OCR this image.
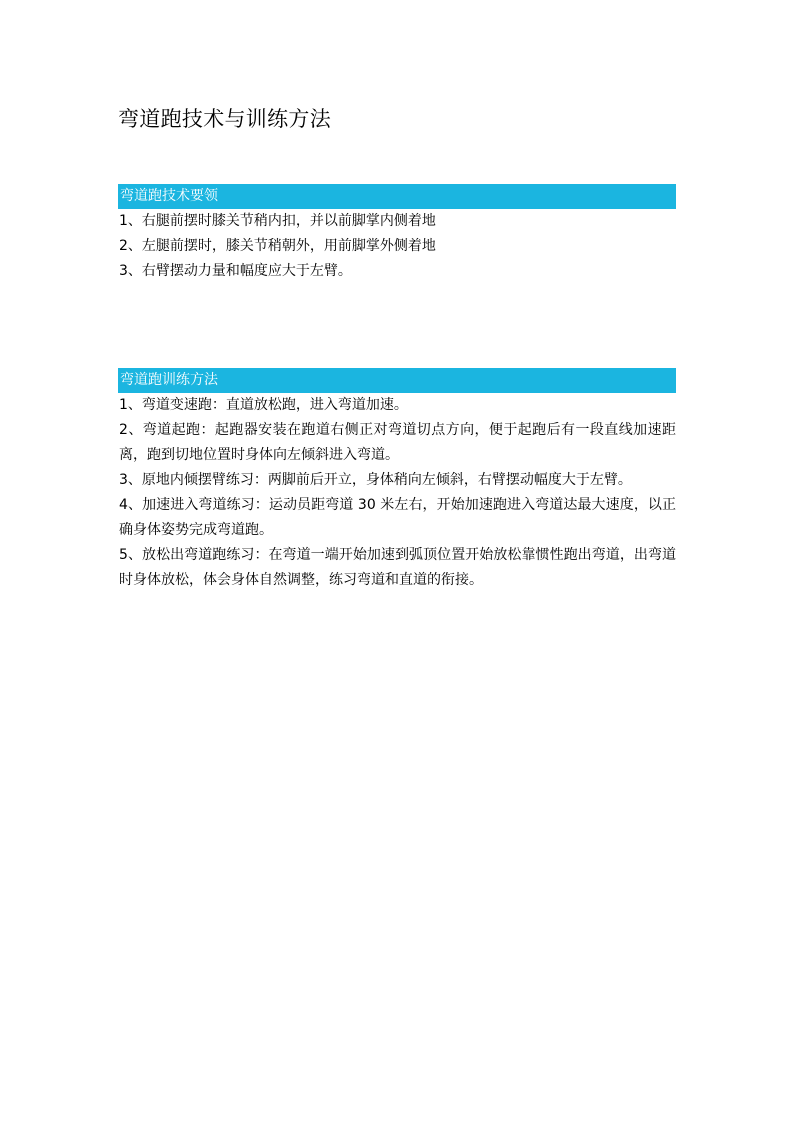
弯道跑技术与训练方法
弯道跑技术要领
1、右腿前摆时膝关节稍内扣，并以前脚掌内侧着地
2、左腿前摆时，膝关节稍朝外，用前脚掌外侧着地
3、右臂摆动力量和幅度应大于左臂。
弯道跑训练方法
1、弯道变速跑：直道放松跑，进入弯道加速。
2、弯道起跑：起跑器安装在跑道右侧正对弯道切点方向，便于起跑后有一段直线加速距离，跑到切地位置时身体向左倾斜进入弯道。
3、原地内倾摆臂练习：两脚前后开立，身体稍向左倾斜，右臂摆动幅度大于左臂。
4、加速进入弯道练习：运动员距弯道 30 米左右，开始加速跑进入弯道达最大速度，以正确身体姿势完成弯道跑。
5、放松出弯道跑练习：在弯道一端开始加速到弧顶位置开始放松靠惯性跑出弯道，出弯道时身体放松，体会身体自然调整，练习弯道和直道的衔接。
